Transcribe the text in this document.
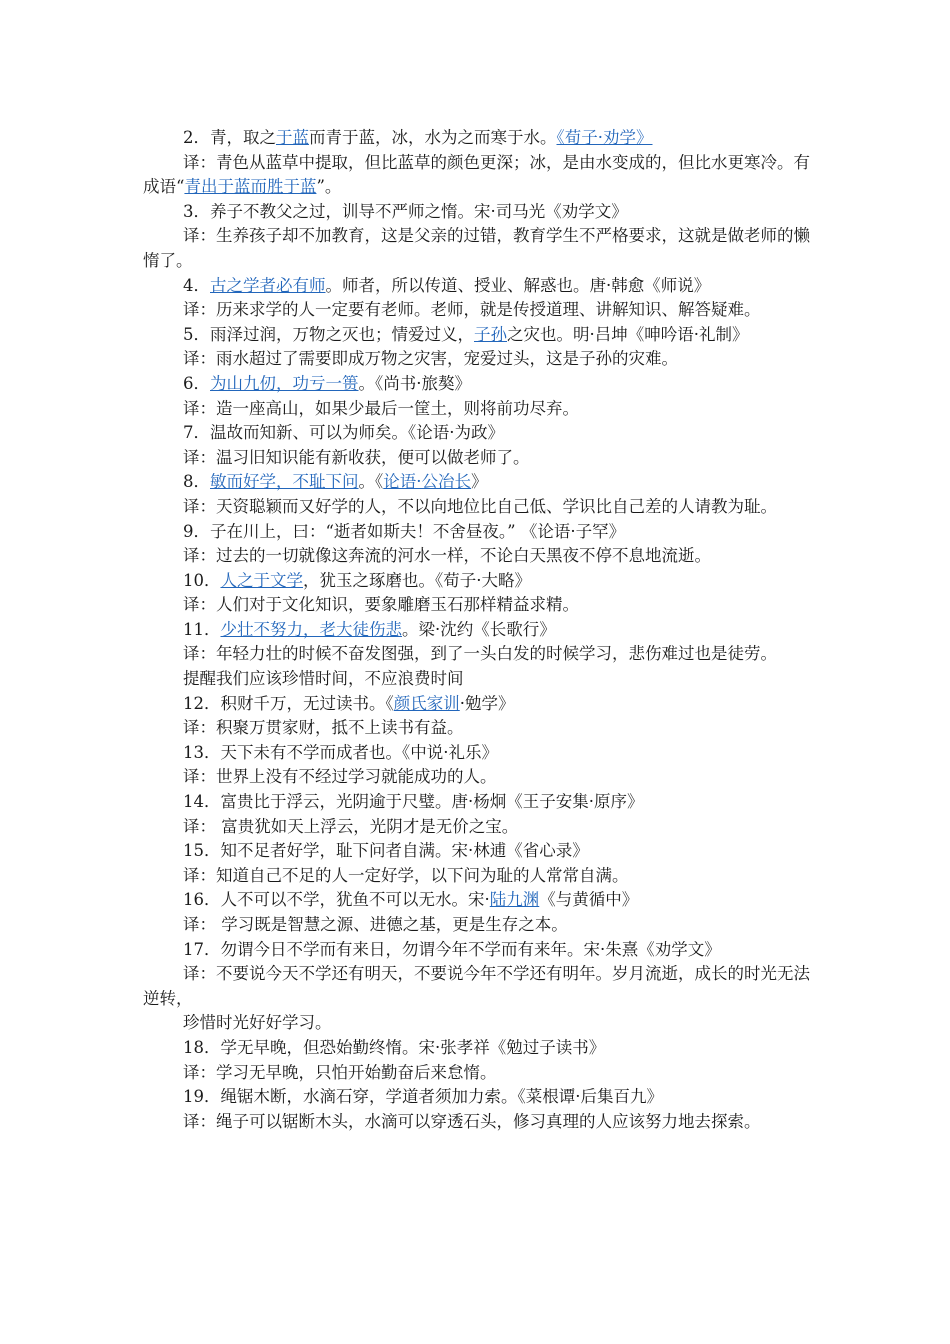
2．青，取之于蓝而青于蓝，冰，水为之而寒于水。《荀子·劝学》

译：青色从蓝草中提取，但比蓝草的颜色更深；冰，是由水变成的，但比水更寒冷。有成语“青出于蓝而胜于蓝”。

3．养子不教父之过，训导不严师之惰。宋·司马光《劝学文》

译：生养孩子却不加教育，这是父亲的过错，教育学生不严格要求，这就是做老师的懒惰了。

4．古之学者必有师。师者，所以传道、授业、解惑也。唐·韩愈《师说》

译：历来求学的人一定要有老师。老师，就是传授道理、讲解知识、解答疑难。

5．雨泽过润，万物之灭也；情爱过义，子孙之灾也。明·吕坤《呻吟语·礼制》

译：雨水超过了需要即成万物之灾害，宠爱过头，这是子孙的灾难。

6．为山九仞，功亏一篑。《尚书·旅獒》

译：造一座高山，如果少最后一筐土，则将前功尽弃。

7．温故而知新、可以为师矣。《论语·为政》

译：温习旧知识能有新收获，便可以做老师了。

8．敏而好学，不耻下问。《论语·公冶长》

译：天资聪颖而又好学的人，不以向地位比自己低、学识比自己差的人请教为耻。

9．子在川上，曰：“逝者如斯夫！不舍昼夜。” 《论语·子罕》

译：过去的一切就像这奔流的河水一样，不论白天黑夜不停不息地流逝。

10．人之于文学，犹玉之琢磨也。《荀子·大略》

译：人们对于文化知识，要象雕磨玉石那样精益求精。

11．少壮不努力，老大徒伤悲。梁·沈约《长歌行》

译：年轻力壮的时候不奋发图强，到了一头白发的时候学习，悲伤难过也是徒劳。

提醒我们应该珍惜时间，不应浪费时间

12．积财千万，无过读书。《颜氏家训·勉学》

译：积聚万贯家财，抵不上读书有益。

13．天下未有不学而成者也。《中说·礼乐》

译：世界上没有不经过学习就能成功的人。

14．富贵比于浮云，光阴逾于尺璧。唐·杨炯《王子安集·原序》

译： 富贵犹如天上浮云，光阴才是无价之宝。

15．知不足者好学，耻下问者自满。宋·林逋《省心录》

译：知道自己不足的人一定好学，以下问为耻的人常常自满。

16．人不可以不学，犹鱼不可以无水。宋·陆九渊《与黄循中》

译： 学习既是智慧之源、进德之基，更是生存之本。

17．勿谓今日不学而有来日，勿谓今年不学而有来年。宋·朱熹《劝学文》

译：不要说今天不学还有明天，不要说今年不学还有明年。岁月流逝，成长的时光无法逆转，

珍惜时光好好学习。

18．学无早晚，但恐始勤终惰。宋·张孝祥《勉过子读书》

译：学习无早晚，只怕开始勤奋后来怠惰。

19．绳锯木断，水滴石穿，学道者须加力索。《菜根谭·后集百九》

译：绳子可以锯断木头，水滴可以穿透石头，修习真理的人应该努力地去探索。
